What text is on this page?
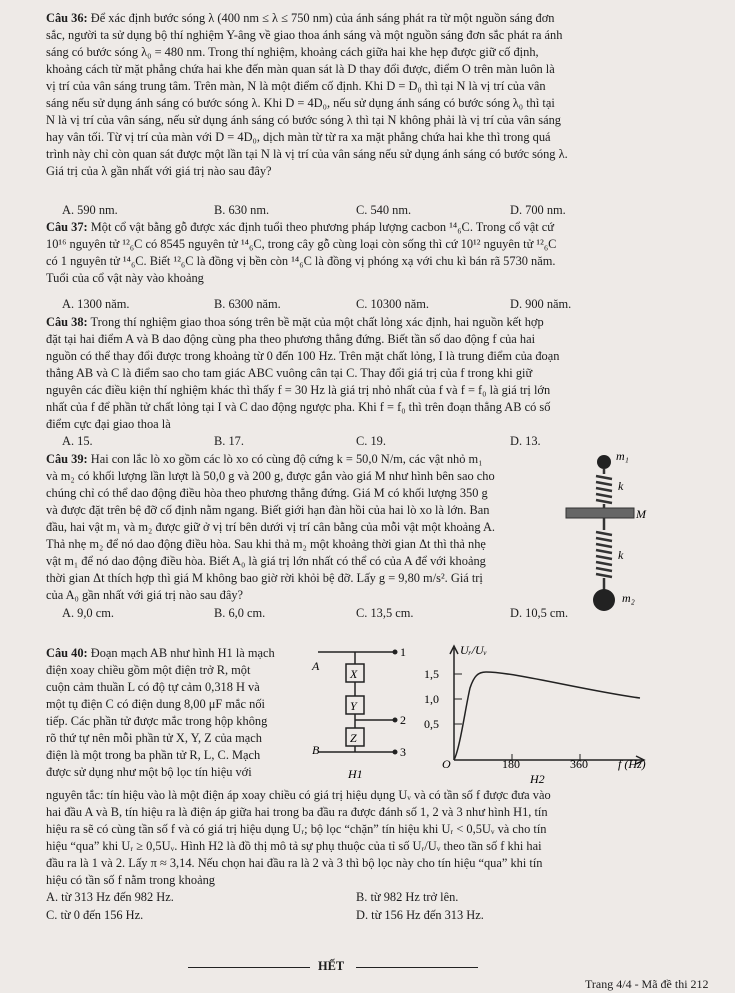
Câu 36: Để xác định bước sóng λ (400 nm ≤ λ ≤ 750 nm) của ánh sáng phát ra từ một nguồn sáng đơn
sắc, người ta sử dụng bộ thí nghiệm Y-âng về giao thoa ánh sáng và một nguồn sáng đơn sắc phát ra ánh
sáng có bước sóng λ₀ = 480 nm. Trong thí nghiệm, khoảng cách giữa hai khe hẹp được giữ cố định,
khoảng cách từ mặt phẳng chứa hai khe đến màn quan sát là D thay đổi được, điểm O trên màn luôn là
vị trí của vân sáng trung tâm. Trên màn, N là một điểm cố định. Khi D = D₀ thì tại N là vị trí của vân
sáng nếu sử dụng ánh sáng có bước sóng λ. Khi D = 4D₀, nếu sử dụng ánh sáng có bước sóng λ₀ thì tại
N là vị trí của vân sáng, nếu sử dụng ánh sáng có bước sóng λ thì tại N không phải là vị trí của vân sáng
hay vân tối. Từ vị trí của màn với D = 4D₀, dịch màn từ từ ra xa mặt phẳng chứa hai khe thì trong quá
trình này chỉ còn quan sát được một lần tại N là vị trí của vân sáng nếu sử dụng ánh sáng có bước sóng λ.
Giá trị của λ gần nhất với giá trị nào sau đây?
A. 590 nm.	B. 630 nm.	C. 540 nm.	D. 700 nm.
Câu 37: Một cổ vật bằng gỗ được xác định tuổi theo phương pháp lượng cacbon ¹⁴₆C. Trong cổ vật cứ
10¹⁶ nguyên tử ¹²₆C có 8545 nguyên tử ¹⁴₆C, trong cây gỗ cùng loại còn sống thì cứ 10¹² nguyên tử ¹²₆C
có 1 nguyên tử ¹⁴₆C. Biết ¹²₆C là đồng vị bền còn ¹⁴₆C là đồng vị phóng xạ với chu kì bán rã 5730 năm.
Tuổi của cổ vật này vào khoảng
A. 1300 năm.	B. 6300 năm.	C. 10300 năm.	D. 900 năm.
Câu 38: Trong thí nghiệm giao thoa sóng trên bề mặt của một chất lỏng xác định, hai nguồn kết hợp
đặt tại hai điểm A và B dao động cùng pha theo phương thẳng đứng. Biết tần số dao động f của hai
nguồn có thể thay đổi được trong khoảng từ 0 đến 100 Hz. Trên mặt chất lỏng, I là trung điểm của đoạn
thẳng AB và C là điểm sao cho tam giác ABC vuông cân tại C. Thay đổi giá trị của f trong khi giữ
nguyên các điều kiện thí nghiệm khác thì thấy f = 30 Hz là giá trị nhỏ nhất của f và f = f₀ là giá trị lớn
nhất của f để phần tử chất lỏng tại I và C dao động ngược pha. Khi f = f₀ thì trên đoạn thẳng AB có số
điểm cực đại giao thoa là
A. 15.	B. 17.	C. 19.	D. 13.
Câu 39: Hai con lắc lò xo gồm các lò xo có cùng độ cứng k = 50,0 N/m, các vật nhỏ m₁
và m₂ có khối lượng lần lượt là 50,0 g và 200 g, được gắn vào giá M như hình bên sao cho
chúng chỉ có thể dao động điều hòa theo phương thẳng đứng. Giá M có khối lượng 350 g
và được đặt trên bệ đỡ cố định nằm ngang. Biết giới hạn đàn hồi của hai lò xo là lớn. Ban
đầu, hai vật m₁ và m₂ được giữ ở vị trí bên dưới vị trí cân bằng của mỗi vật một khoảng A.
Thả nhẹ m₂ để nó dao động điều hòa. Sau khi thả m₂ một khoảng thời gian Δt thì thả nhẹ
vật m₁ để nó dao động điều hòa. Biết A₀ là giá trị lớn nhất có thể có của A để với khoảng
thời gian Δt thích hợp thì giá M không bao giờ rời khỏi bệ đỡ. Lấy g = 9,80 m/s². Giá trị
của A₀ gần nhất với giá trị nào sau đây?
A. 9,0 cm.	B. 6,0 cm.	C. 13,5 cm.	D. 10,5 cm.
m₁
k
M
k
m₂
Câu 40: Đoạn mạch AB như hình H1 là mạch
điện xoay chiều gồm một điện trở R, một
cuộn cảm thuần L có độ tự cảm 0,318 H và
một tụ điện C có điện dung 8,00 μF mắc nối
tiếp. Các phần tử được mắc trong hộp không
rõ thứ tự nên mỗi phần tử X, Y, Z của mạch
điện là một trong ba phần tử R, L, C. Mạch
được sử dụng như một bộ lọc tín hiệu với
X
Y
Z
A
B
1
2
3
H1
Uᵣ/Uᵥ
1,5
1,0
0,5
O	180	360	f (Hz)
H2
nguyên tắc: tín hiệu vào là một điện áp xoay chiều có giá trị hiệu dụng Uᵥ và có tần số f được đưa vào
hai đầu A và B, tín hiệu ra là điện áp giữa hai trong ba đầu ra được đánh số 1, 2 và 3 như hình H1, tín
hiệu ra sẽ có cùng tần số f và có giá trị hiệu dụng Uᵣ; bộ lọc “chặn” tín hiệu khi Uᵣ < 0,5Uᵥ và cho tín
hiệu “qua” khi Uᵣ ≥ 0,5Uᵥ. Hình H2 là đồ thị mô tả sự phụ thuộc của tỉ số Uᵣ/Uᵥ theo tần số f khi hai
đầu ra là 1 và 2. Lấy π ≈ 3,14. Nếu chọn hai đầu ra là 2 và 3 thì bộ lọc này cho tín hiệu “qua” khi tín
hiệu có tần số f nằm trong khoảng
A. từ 313 Hz đến 982 Hz.	B. từ 982 Hz trở lên.
C. từ 0 đến 156 Hz.	D. từ 156 Hz đến 313 Hz.
HẾT
Trang 4/4 - Mã đề thi 212
